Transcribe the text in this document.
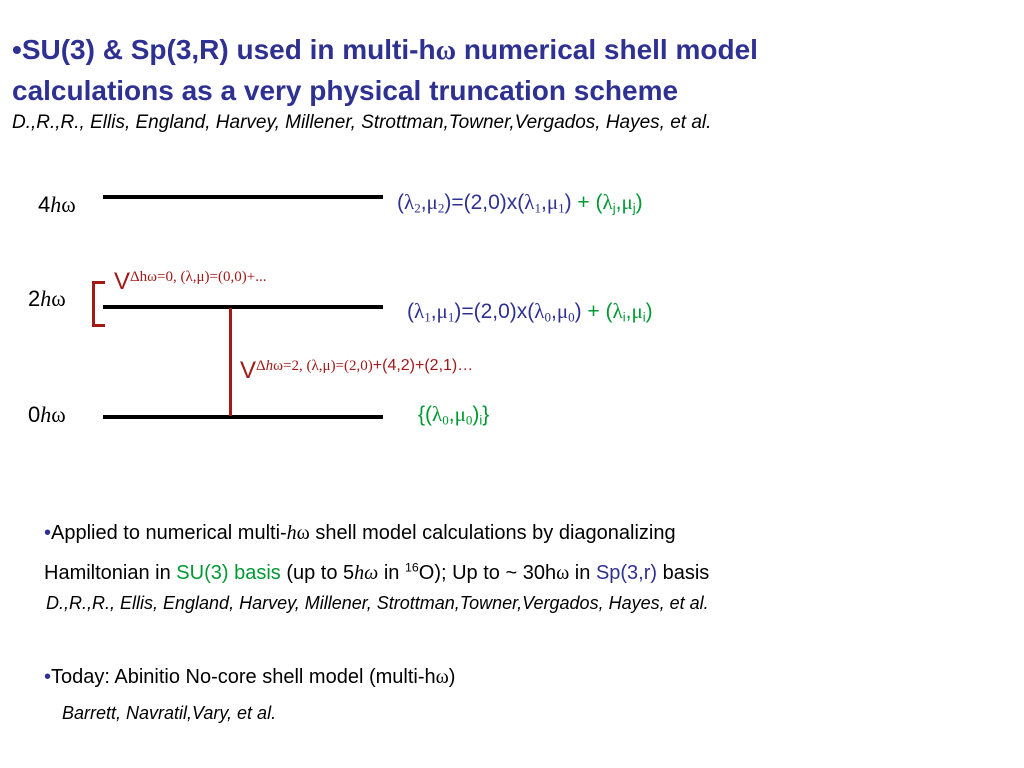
•SU(3) & Sp(3,R) used in multi-hω numerical shell model
calculations as a very physical truncation scheme
D.,R.,R., Ellis, England, Harvey, Millener, Strottman,Towner,Vergados, Hayes, et al.
4hω
2hω
0hω
VΔhω=0, (λ,μ)=(0,0)+...
VΔhω=2, (λ,μ)=(2,0)+(4,2)+(2,1)…
$(\lambda_2,\mu_2)=(2,0)x(\lambda_1,\mu_1) + (\lambda_j,\mu_j)$
$(\lambda_1,\mu_1)=(2,0)x(\lambda_0,\mu_0) + (\lambda_i,\mu_i)$
$\{(\lambda_0,\mu_0)_i\}$
•Applied to numerical multi-hω shell model calculations by diagonalizing
Hamiltonian in SU(3) basis (up to 5hω in $^{16}$O); Up to ~ 30hω in Sp(3,r) basis
D.,R.,R., Ellis, England, Harvey, Millener, Strottman,Towner,Vergados, Hayes, et al.
•Today: Abinitio No-core shell model (multi-hω)
Barrett, Navratil,Vary, et al.
